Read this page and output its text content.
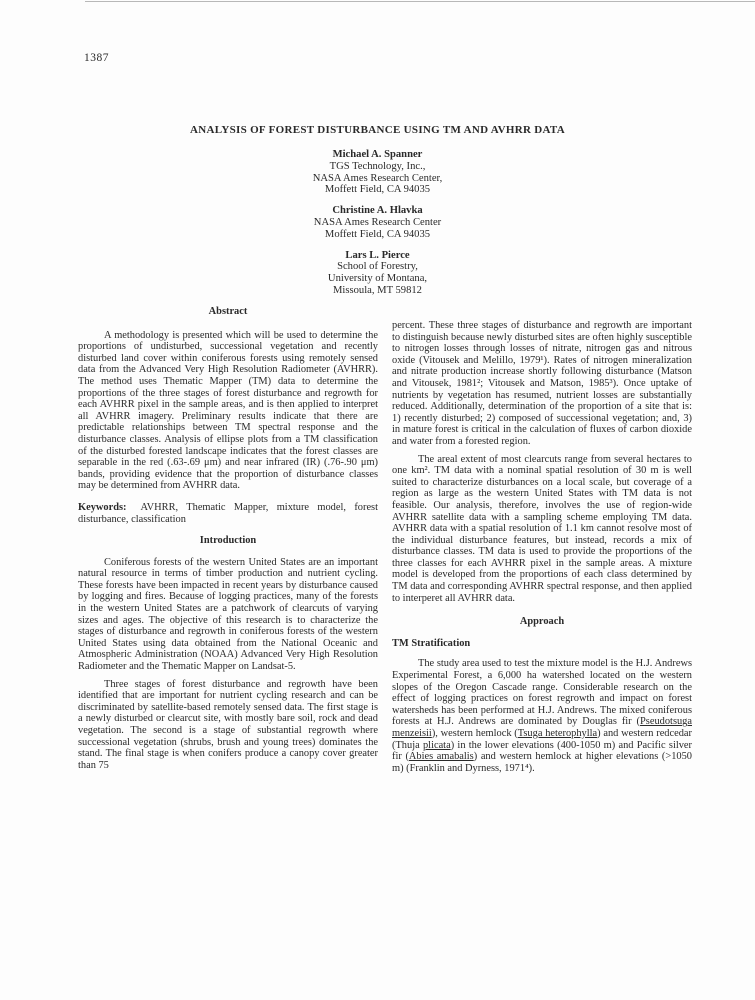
1387
ANALYSIS OF FOREST DISTURBANCE USING TM AND AVHRR DATA
Michael A. Spanner
TGS Technology, Inc.,
NASA Ames Research Center,
Moffett Field, CA 94035
Christine A. Hlavka
NASA Ames Research Center
Moffett Field, CA 94035
Lars L. Pierce
School of Forestry,
University of Montana,
Missoula, MT 59812

Abstract

A methodology is presented which will be used to determine the proportions of undisturbed, successional vegetation and recently disturbed land cover within coniferous forests using remotely sensed data from the Advanced Very High Resolution Radiometer (AVHRR). The method uses Thematic Mapper (TM) data to determine the proportions of the three stages of forest disturbance and regrowth for each AVHRR pixel in the sample areas, and is then applied to interpret all AVHRR imagery. Preliminary results indicate that there are predictable relationships between TM spectral response and the disturbance classes. Analysis of ellipse plots from a TM classification of the disturbed forested landscape indicates that the forest classes are separable in the red (.63-.69 μm) and near infrared (IR) (.76-.90 μm) bands, providing evidence that the proportion of disturbance classes may be determined from AVHRR data.

Keywords: AVHRR, Thematic Mapper, mixture model, forest disturbance, classification

Introduction

Coniferous forests of the western United States are an important natural resource in terms of timber production and nutrient cycling. These forests have been impacted in recent years by disturbance caused by logging and fires. Because of logging practices, many of the forests in the western United States are a patchwork of clearcuts of varying sizes and ages. The objective of this research is to characterize the stages of disturbance and regrowth in coniferous forests of the western United States using data obtained from the National Oceanic and Atmospheric Administration (NOAA) Advanced Very High Resolution Radiometer and the Thematic Mapper on Landsat-5.

Three stages of forest disturbance and regrowth have been identified that are important for nutrient cycling research and can be discriminated by satellite-based remotely sensed data. The first stage is a newly disturbed or clearcut site, with mostly bare soil, rock and dead vegetation. The second is a stage of substantial regrowth where successional vegetation (shrubs, brush and young trees) dominates the stand. The final stage is when conifers produce a canopy cover greater than 75

percent. These three stages of disturbance and regrowth are important to distinguish because newly disturbed sites are often highly susceptible to nitrogen losses through losses of nitrate, nitrogen gas and nitrous oxide (Vitousek and Melillo, 1979¹). Rates of nitrogen mineralization and nitrate production increase shortly following disturbance (Matson and Vitousek, 1981²; Vitousek and Matson, 1985³). Once uptake of nutrients by vegetation has resumed, nutrient losses are substantially reduced. Additionally, determination of the proportion of a site that is: 1) recently disturbed; 2) composed of successional vegetation; and, 3) in mature forest is critical in the calculation of fluxes of carbon dioxide and water from a forested region.

The areal extent of most clearcuts range from several hectares to one km². TM data with a nominal spatial resolution of 30 m is well suited to characterize disturbances on a local scale, but coverage of a region as large as the western United States with TM data is not feasible. Our analysis, therefore, involves the use of region-wide AVHRR satellite data with a sampling scheme employing TM data. AVHRR data with a spatial resolution of 1.1 km cannot resolve most of the individual disturbance features, but instead, records a mix of disturbance classes. TM data is used to provide the proportions of the three classes for each AVHRR pixel in the sample areas. A mixture model is developed from the proportions of each class determined by TM data and corresponding AVHRR spectral response, and then applied to interperet all AVHRR data.

Approach

TM Stratification

The study area used to test the mixture model is the H.J. Andrews Experimental Forest, a 6,000 ha watershed located on the western slopes of the Oregon Cascade range. Considerable research on the effect of logging practices on forest regrowth and impact on forest watersheds has been performed at H.J. Andrews. The mixed coniferous forests at H.J. Andrews are dominated by Douglas fir (Pseudotsuga menzeisii), western hemlock (Tsuga heterophylla) and western redcedar (Thuja plicata) in the lower elevations (400-1050 m) and Pacific silver fir (Abies amabalis) and western hemlock at higher elevations (>1050 m) (Franklin and Dyrness, 1971⁴).
